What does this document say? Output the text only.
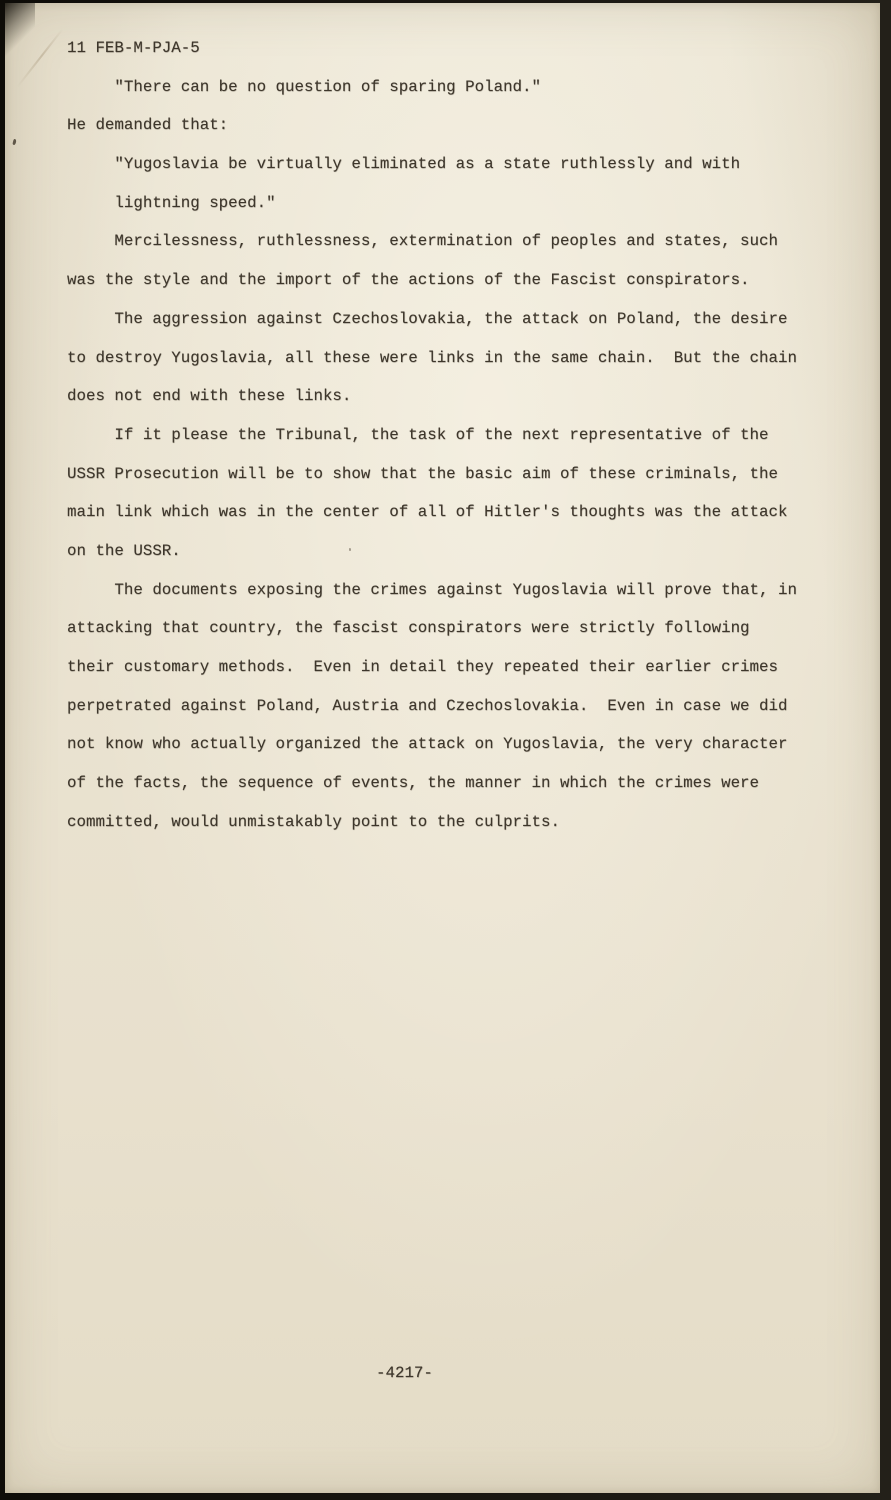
11 FEB-M-PJA-5
"There can be no question of sparing Poland."
He demanded that:
"Yugoslavia be virtually eliminated as a state ruthlessly and with
lightning speed."
Mercilessness, ruthlessness, extermination of peoples and states, such
was the style and the import of the actions of the Fascist conspirators.
The aggression against Czechoslovakia, the attack on Poland, the desire
to destroy Yugoslavia, all these were links in the same chain.  But the chain
does not end with these links.
If it please the Tribunal, the task of the next representative of the
USSR Prosecution will be to show that the basic aim of these criminals, the
main link which was in the center of all of Hitler's thoughts was the attack
on the USSR.
The documents exposing the crimes against Yugoslavia will prove that, in
attacking that country, the fascist conspirators were strictly following
their customary methods.  Even in detail they repeated their earlier crimes
perpetrated against Poland, Austria and Czechoslovakia.  Even in case we did
not know who actually organized the attack on Yugoslavia, the very character
of the facts, the sequence of events, the manner in which the crimes were
committed, would unmistakably point to the culprits.
-4217-
